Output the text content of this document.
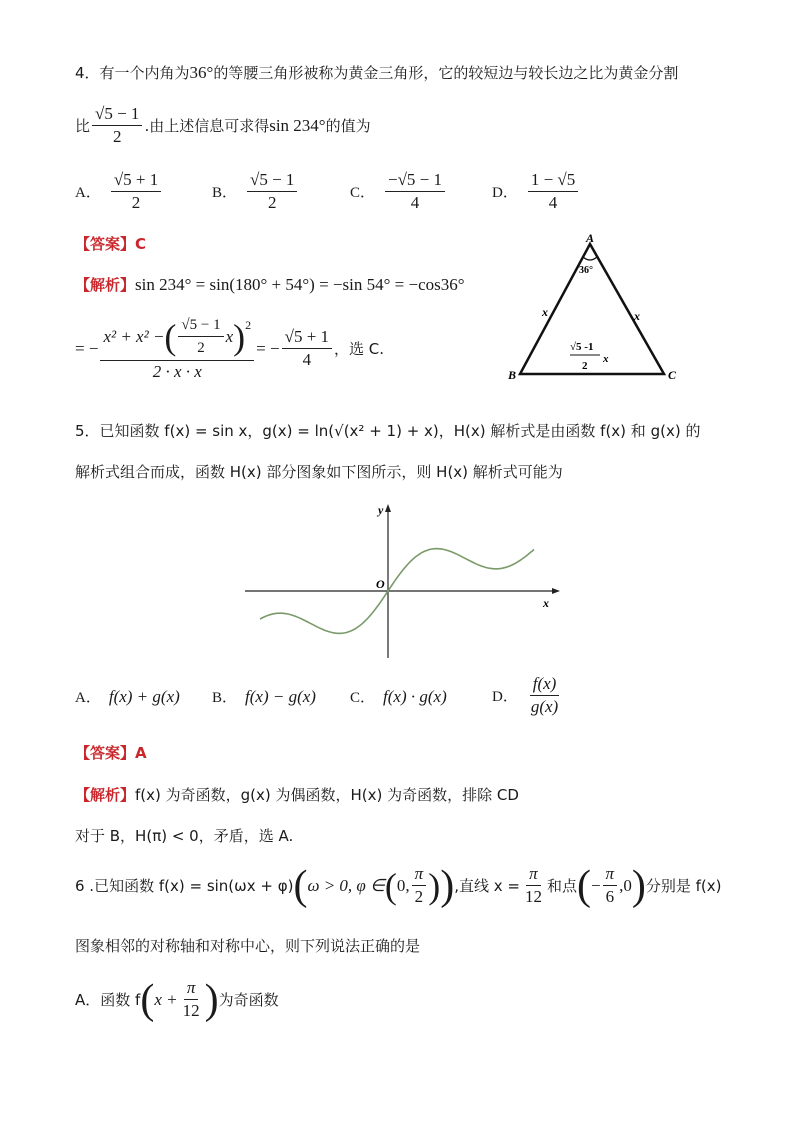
4．有一个内角为36°的等腰三角形被称为黄金三角形，它的较短边与较长边之比为黄金分割
比 $\frac{√5 - 1}{2}$ .由上述信息可求得 sin 234° 的值为
A． $\frac{√5 + 1}{2}$	B． $\frac{√5 - 1}{2}$	C． $\frac{-√5 - 1}{4}$	D． $\frac{1 - √5}{4}$
【答案】C
【解析】sin 234° = sin(180° + 54°) = −sin 54° = −cos36°
= − $\frac{x^2 + x^2 - ( \frac{√5 - 1}{2} x )^2}{2 \cdot x \cdot x}$ = − $\frac{√5 + 1}{4}$ ，选 C.
A
B	C
36°
x	x
√5 -1
2
x
5．已知函数 f(x) = sin x，g(x) = ln(√(x² + 1) + x)，H(x) 解析式是由函数 f(x) 和 g(x) 的
解析式组合而成，函数 H(x) 部分图象如下图所示，则 H(x) 解析式可能为
y
x
O
A． f(x) + g(x) B． f(x) − g(x) C． f(x) · g(x)	D． $\frac{f(x)}{g(x)}$
【答案】A
【解析】f(x) 为奇函数，g(x) 为偶函数，H(x) 为奇函数，排除 CD
对于 B，H(π) < 0，矛盾，选 A.
6 .已知函数 f(x) = sin(ωx + φ) ( ω > 0, φ ∈ ( 0, $\frac{\pi}{2}$ ) ) ,直线 $x = \frac{\pi}{12}$ 和点 ( − $\frac{\pi}{6} ,0$ ) 分别是 f(x)
图象相邻的对称轴和对称中心，则下列说法正确的是
A．函数 f ( $x + \frac{\pi}{12}$ ) 为奇函数
